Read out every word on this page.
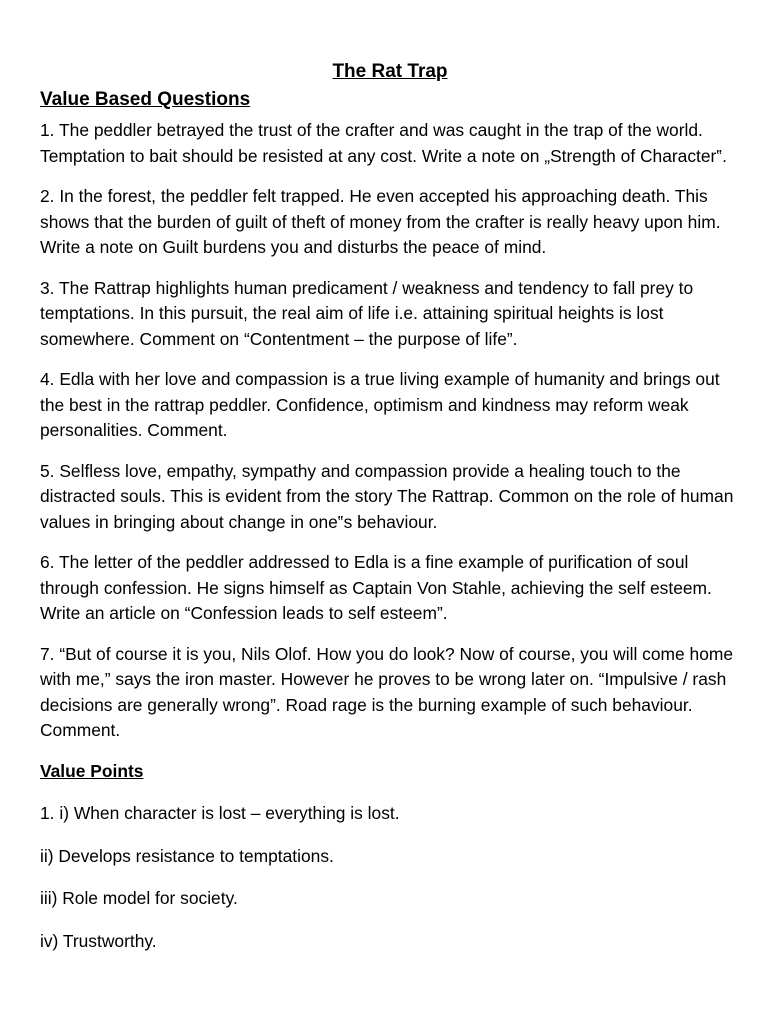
The Rat Trap
Value Based Questions

1. The peddler betrayed the trust of the crafter and was caught in the trap of the world. Temptation to bait should be resisted at any cost. Write a note on „Strength of Character‟.

2. In the forest, the peddler felt trapped. He even accepted his approaching death. This shows that the burden of guilt of theft of money from the crafter is really heavy upon him. Write a note on Guilt burdens you and disturbs the peace of mind.

3. The Rattrap highlights human predicament / weakness and tendency to fall prey to temptations. In this pursuit, the real aim of life i.e. attaining spiritual heights is lost somewhere. Comment on “Contentment – the purpose of life”.

4. Edla with her love and compassion is a true living example of humanity and brings out the best in the rattrap peddler. Confidence, optimism and kindness may reform weak personalities. Comment.

5. Selfless love, empathy, sympathy and compassion provide a healing touch to the distracted souls. This is evident from the story The Rattrap. Common on the role of human values in bringing about change in one‟s behaviour.

6. The letter of the peddler addressed to Edla is a fine example of purification of soul through confession. He signs himself as Captain Von Stahle, achieving the self esteem. Write an article on “Confession leads to self esteem”.

7. “But of course it is you, Nils Olof. How you do look? Now of course, you will come home with me,” says the iron master. However he proves to be wrong later on. “Impulsive / rash decisions are generally wrong”. Road rage is the burning example of such behaviour. Comment.

Value Points

1. i) When character is lost – everything is lost.

ii) Develops resistance to temptations.

iii) Role model for society.

iv) Trustworthy.
